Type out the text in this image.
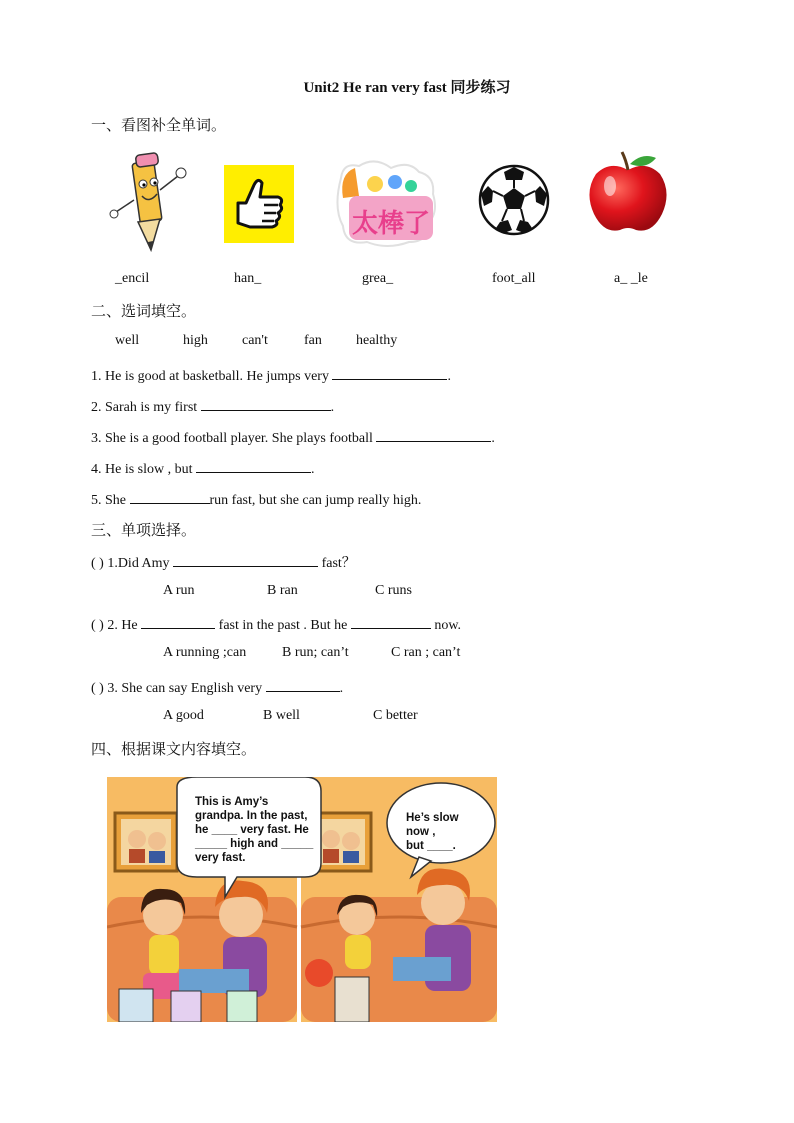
Unit2 He ran very fast 同步练习
一、看图补全单词。
太棒了
_encil	han_	grea_	foot_all	a_ _le
二、选词填空。
well	high can't	fan healthy
1. He is good at basketball. He jumps very	.
2. Sarah is my first	.
3. She is a good football player. She plays football	.
4. He is slow , but	.
5. She	run fast, but she can jump really high.
三、单项选择。
( ) 1.Did Amy	fast？
A run	B ran	C runs
( ) 2. He	fast in the past . But he	now.
A running ;can	B run; can’t	C ran ; can’t
( ) 3. She can say English very	.
A good	B well	C better
四、根据课文内容填空。
This is Amy’s
grandpa. In the past,
he ____ very fast. He
_____ high and _____
very fast.
He’s slow
now ,
but ____.
